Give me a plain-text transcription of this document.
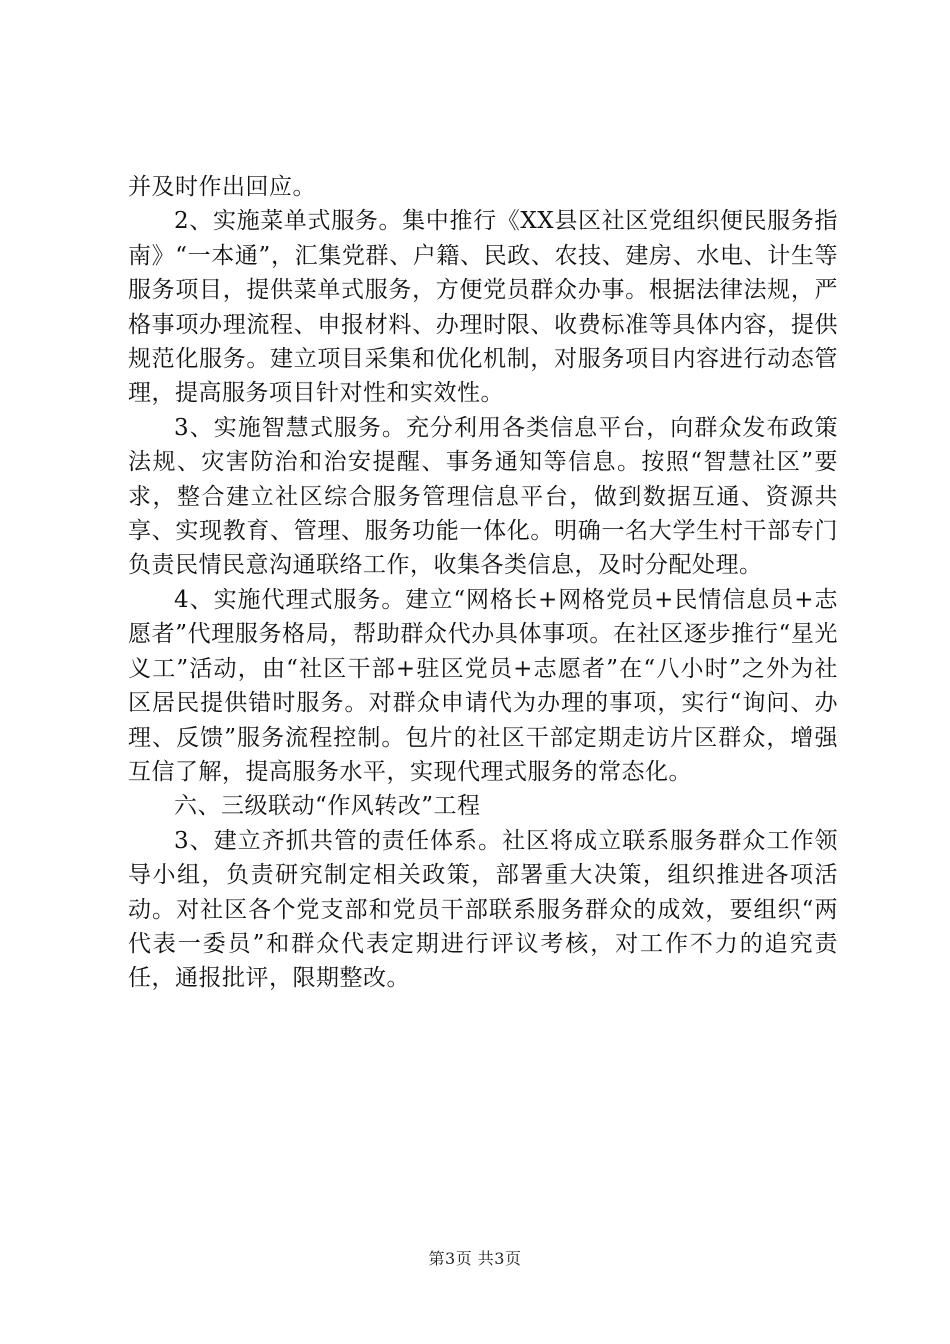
并及时作出回应。

2、实施菜单式服务。集中推行《XX县区社区党组织便民服务指南》“一本通”，汇集党群、户籍、民政、农技、建房、水电、计生等服务项目，提供菜单式服务，方便党员群众办事。根据法律法规，严格事项办理流程、申报材料、办理时限、收费标准等具体内容，提供规范化服务。建立项目采集和优化机制，对服务项目内容进行动态管理，提高服务项目针对性和实效性。

3、实施智慧式服务。充分利用各类信息平台，向群众发布政策法规、灾害防治和治安提醒、事务通知等信息。按照“智慧社区”要求，整合建立社区综合服务管理信息平台，做到数据互通、资源共享、实现教育、管理、服务功能一体化。明确一名大学生村干部专门负责民情民意沟通联络工作，收集各类信息，及时分配处理。

4、实施代理式服务。建立“网格长+网格党员+民情信息员+志愿者”代理服务格局，帮助群众代办具体事项。在社区逐步推行“星光义工”活动，由“社区干部+驻区党员+志愿者”在“八小时”之外为社区居民提供错时服务。对群众申请代为办理的事项，实行“询问、办理、反馈”服务流程控制。包片的社区干部定期走访片区群众，增强互信了解，提高服务水平，实现代理式服务的常态化。

六、三级联动“作风转改”工程

3、建立齐抓共管的责任体系。社区将成立联系服务群众工作领导小组，负责研究制定相关政策，部署重大决策，组织推进各项活动。对社区各个党支部和党员干部联系服务群众的成效，要组织“两代表一委员”和群众代表定期进行评议考核，对工作不力的追究责任，通报批评，限期整改。

第3页 共3页
